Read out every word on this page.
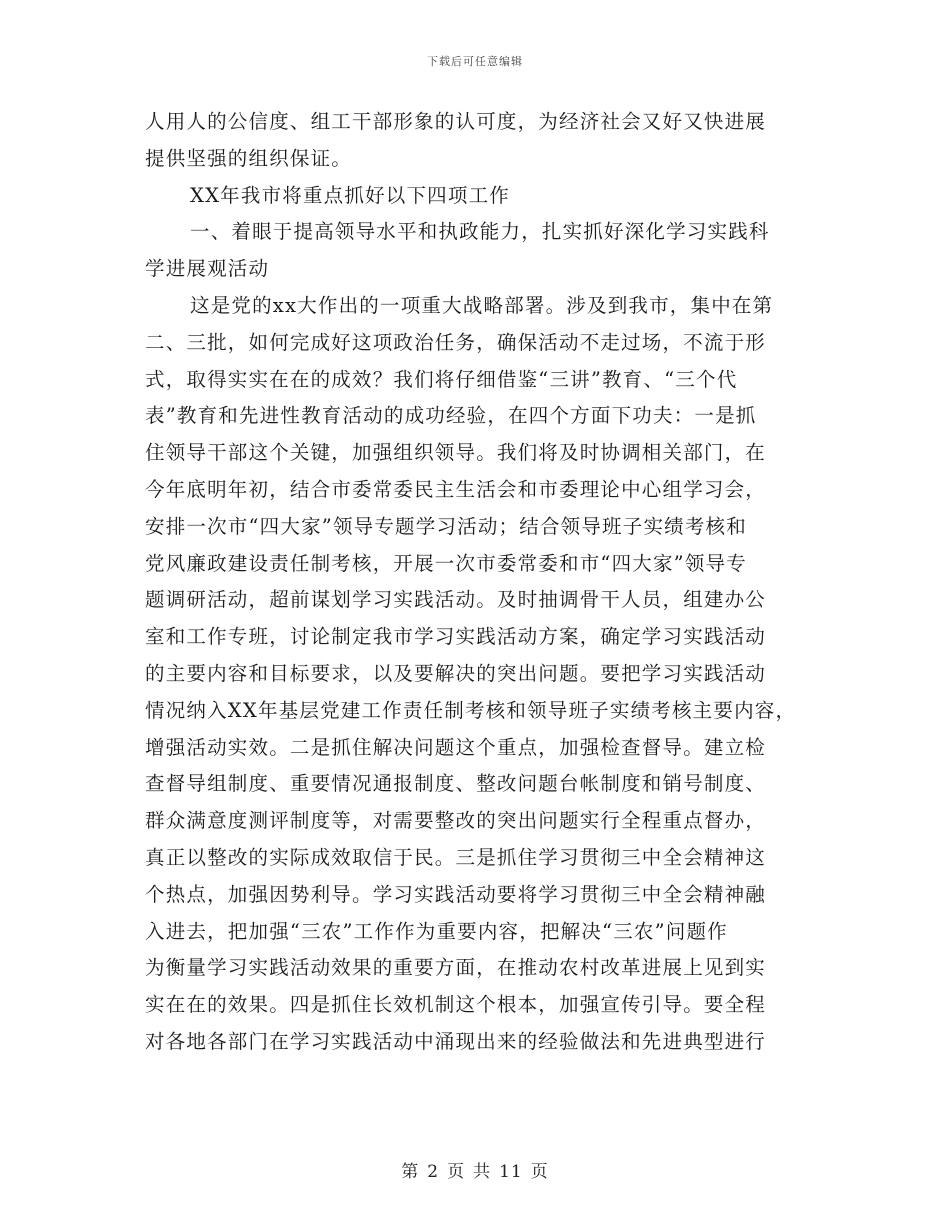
下载后可任意编辑
人用人的公信度、组工干部形象的认可度，为经济社会又好又快进展
提供坚强的组织保证。
XX年我市将重点抓好以下四项工作
一、着眼于提高领导水平和执政能力，扎实抓好深化学习实践科
学进展观活动
这是党的xx大作出的一项重大战略部署。涉及到我市，集中在第
二、三批，如何完成好这项政治任务，确保活动不走过场，不流于形
式，取得实实在在的成效？我们将仔细借鉴“三讲”教育、“三个代
表”教育和先进性教育活动的成功经验，在四个方面下功夫：一是抓
住领导干部这个关键，加强组织领导。我们将及时协调相关部门，在
今年底明年初，结合市委常委民主生活会和市委理论中心组学习会，
安排一次市“四大家”领导专题学习活动；结合领导班子实绩考核和
党风廉政建设责任制考核，开展一次市委常委和市“四大家”领导专
题调研活动，超前谋划学习实践活动。及时抽调骨干人员，组建办公
室和工作专班，讨论制定我市学习实践活动方案，确定学习实践活动
的主要内容和目标要求，以及要解决的突出问题。要把学习实践活动
情况纳入XX年基层党建工作责任制考核和领导班子实绩考核主要内容，
增强活动实效。二是抓住解决问题这个重点，加强检查督导。建立检
查督导组制度、重要情况通报制度、整改问题台帐制度和销号制度、
群众满意度测评制度等，对需要整改的突出问题实行全程重点督办，
真正以整改的实际成效取信于民。三是抓住学习贯彻三中全会精神这
个热点，加强因势利导。学习实践活动要将学习贯彻三中全会精神融
入进去，把加强“三农”工作作为重要内容，把解决“三农”问题作
为衡量学习实践活动效果的重要方面，在推动农村改革进展上见到实
实在在的效果。四是抓住长效机制这个根本，加强宣传引导。要全程
对各地各部门在学习实践活动中涌现出来的经验做法和先进典型进行
第 2 页 共 11 页
